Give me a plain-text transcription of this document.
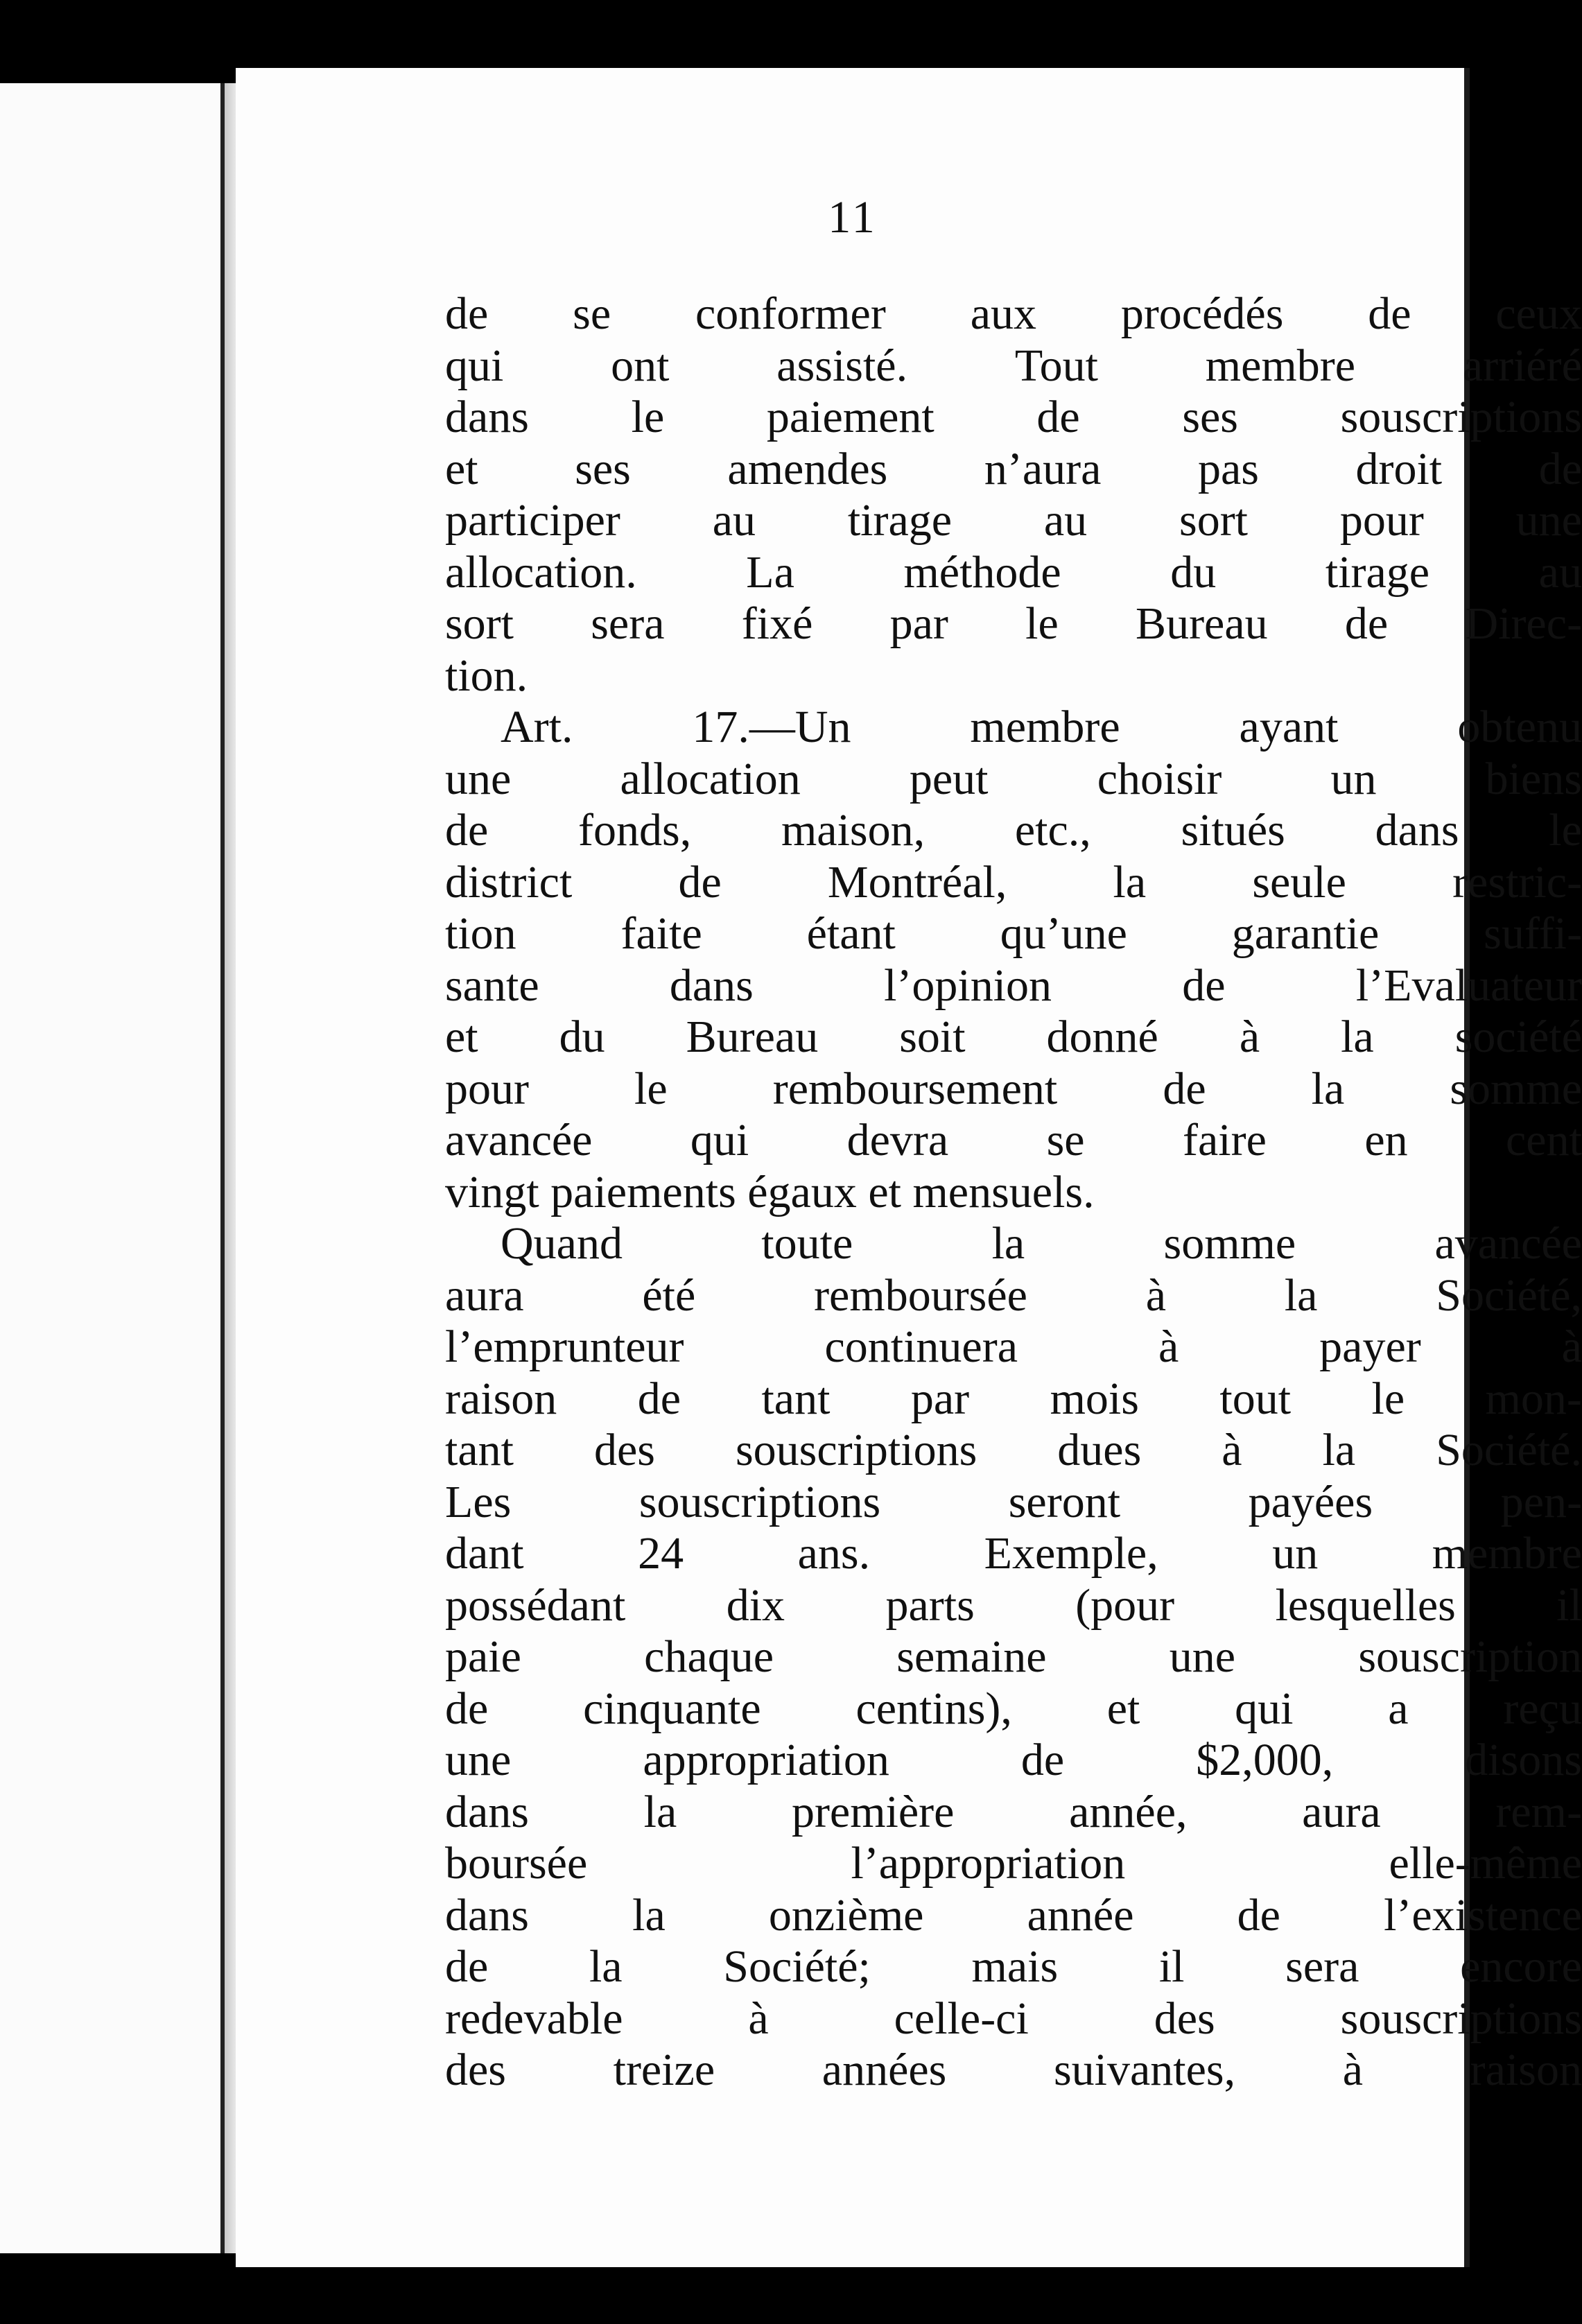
11
de se conformer aux procédés de ceux
qui ont assisté. Tout membre arriéré
dans le paiement de ses souscriptions
et ses amendes n’aura pas droit de
participer au tirage au sort pour une
allocation. La méthode du tirage au
sort sera fixé par le Bureau de Direc-
tion.
Art.	17.—Un	membre	ayant	obtenu
une allocation peut choisir un biens
de fonds, maison, etc., situés dans le
district de Montréal, la seule restric-
tion faite étant qu’une garantie suffi-
sante	dans	l’opinion	de	l’Evaluateur
et du Bureau soit donné à la société
pour le remboursement de la somme
avancée qui devra se faire en cent
vingt paiements égaux et mensuels.
Quand	toute	la	somme	avancée
aura	été	remboursée	à	la	Société,
l’emprunteur	continuera	à	payer	à
raison de tant par mois tout le mon-
tant des souscriptions dues à la Société.
Les	souscriptions	seront	payées	pen-
dant 24 ans. Exemple, un membre
possédant dix parts (pour lesquelles il
paie	chaque	semaine	une	souscription
de cinquante centins), et qui a reçu
une	appropriation	de	$2,000,	disons
dans	la	première	année,	aura	rem-
boursée	l’appropriation	elle-même
dans la onzième année de l’existence
de la Société; mais il sera encore
redevable	à	celle-ci	des	souscriptions
des treize années suivantes, à raison
